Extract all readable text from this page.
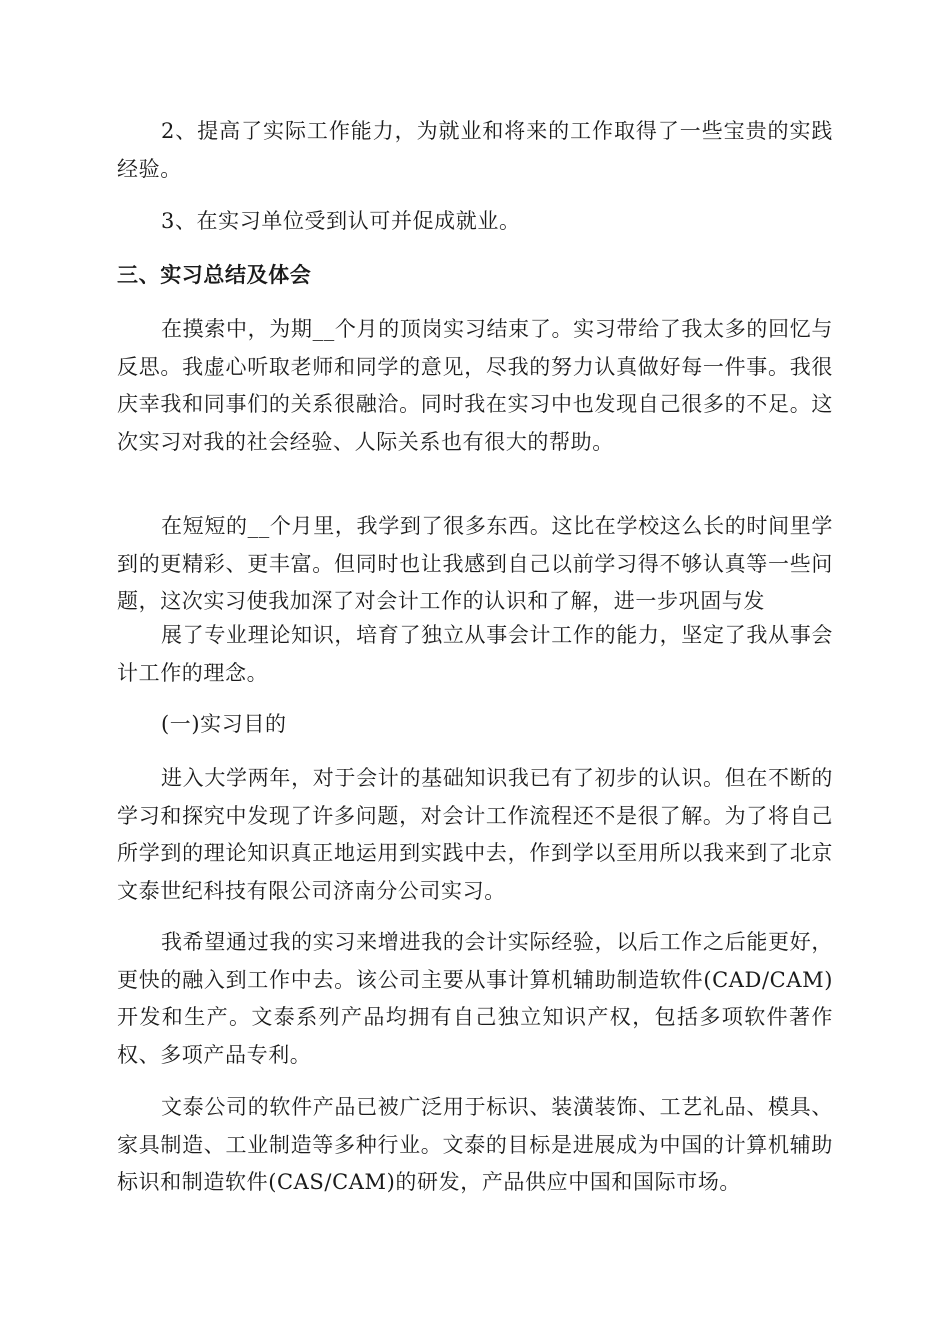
2、提高了实际工作能力，为就业和将来的工作取得了一些宝贵的实践经验。

3、在实习单位受到认可并促成就业。

三、实习总结及体会

在摸索中，为期__个月的顶岗实习结束了。实习带给了我太多的回忆与反思。我虚心听取老师和同学的意见，尽我的努力认真做好每一件事。我很庆幸我和同事们的关系很融洽。同时我在实习中也发现自己很多的不足。这次实习对我的社会经验、人际关系也有很大的帮助。

在短短的__个月里，我学到了很多东西。这比在学校这么长的时间里学到的更精彩、更丰富。但同时也让我感到自己以前学习得不够认真等一些问题，这次实习使我加深了对会计工作的认识和了解，进一步巩固与发

展了专业理论知识，培育了独立从事会计工作的能力，坚定了我从事会计工作的理念。

(一)实习目的

进入大学两年，对于会计的基础知识我已有了初步的认识。但在不断的学习和探究中发现了许多问题，对会计工作流程还不是很了解。为了将自己所学到的理论知识真正地运用到实践中去，作到学以至用所以我来到了北京文泰世纪科技有限公司济南分公司实习。

我希望通过我的实习来增进我的会计实际经验，以后工作之后能更好，更快的融入到工作中去。该公司主要从事计算机辅助制造软件(CAD/CAM)开发和生产。文泰系列产品均拥有自己独立知识产权，包括多项软件著作权、多项产品专利。

文泰公司的软件产品已被广泛用于标识、装潢装饰、工艺礼品、模具、家具制造、工业制造等多种行业。文泰的目标是进展成为中国的计算机辅助标识和制造软件(CAS/CAM)的研发，产品供应中国和国际市场。
